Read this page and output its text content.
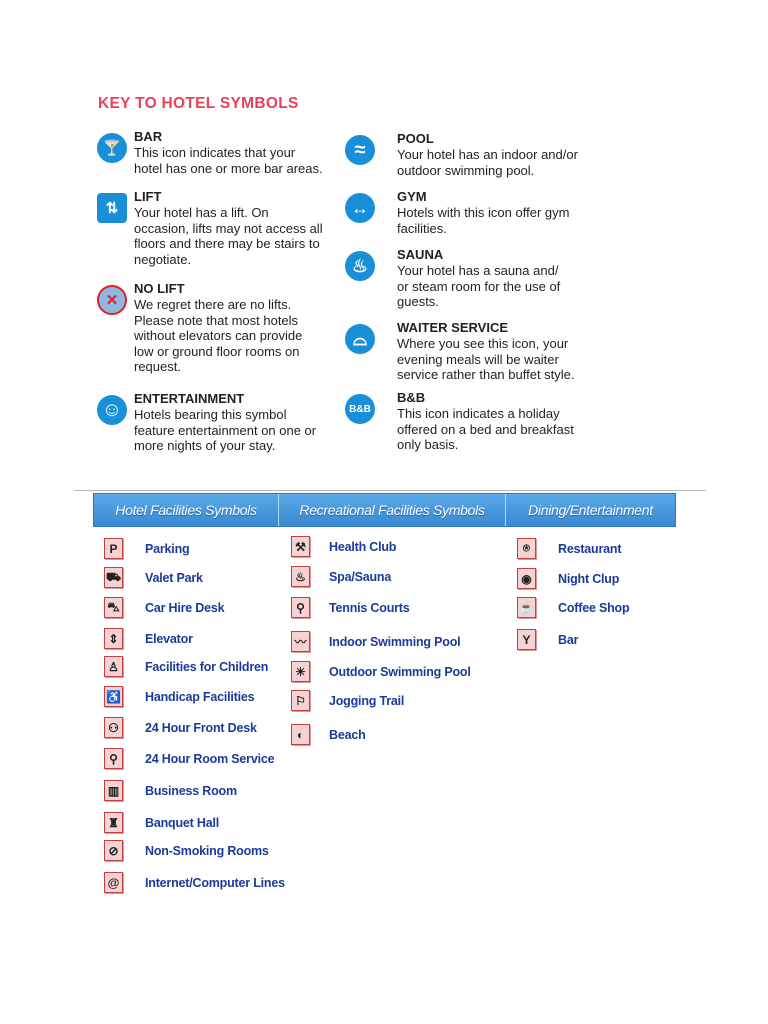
KEY TO HOTEL SYMBOLS
🍸
BAR
This icon indicates that your
hotel has one or more bar areas.
⇅
LIFT
Your hotel has a lift. On
occasion, lifts may not access all
floors and there may be stairs to
negotiate.
✕
NO LIFT
We regret there are no lifts.
Please note that most hotels
without elevators can provide
low or ground floor rooms on
request.
☺ ENTERTAINMENT
Hotels bearing this symbol
feature entertainment on one or
more nights of your stay.
≈	POOL
Your hotel has an indoor and/or
outdoor swimming pool.
↔
GYM
Hotels with this icon offer gym
facilities.
♨
SAUNA
Your hotel has a sauna and/
or steam room for the use of
guests.
⌓
WAITER SERVICE
Where you see this icon, your
evening meals will be waiter
service rather than buffet style.
B&B
B&B
This icon indicates a holiday
offered on a bed and breakfast
only basis.
Hotel Facilities Symbols	Recreational Facilities Symbols	Dining/Entertainment
P	Parking
⛟ Valet Park
⛍ Car Hire Desk
⇕	Elevator
♙	Facilities for Children
♿ Handicap Facilities
⚇	24 Hour Front Desk
⚲	24 Hour Room Service
▥	Business Room
♜	Banquet Hall
⊘	Non-Smoking Rooms
@ Internet/Computer Lines
⚒	Health Club
♨	Spa/Sauna
⚲	Tennis Courts
〰 Indoor Swimming Pool
☀	Outdoor Swimming Pool
⚐	Jogging Trail
◐	Beach
⍟	Restaurant
◉	Night Clup
☕ Coffee Shop
Y	Bar
